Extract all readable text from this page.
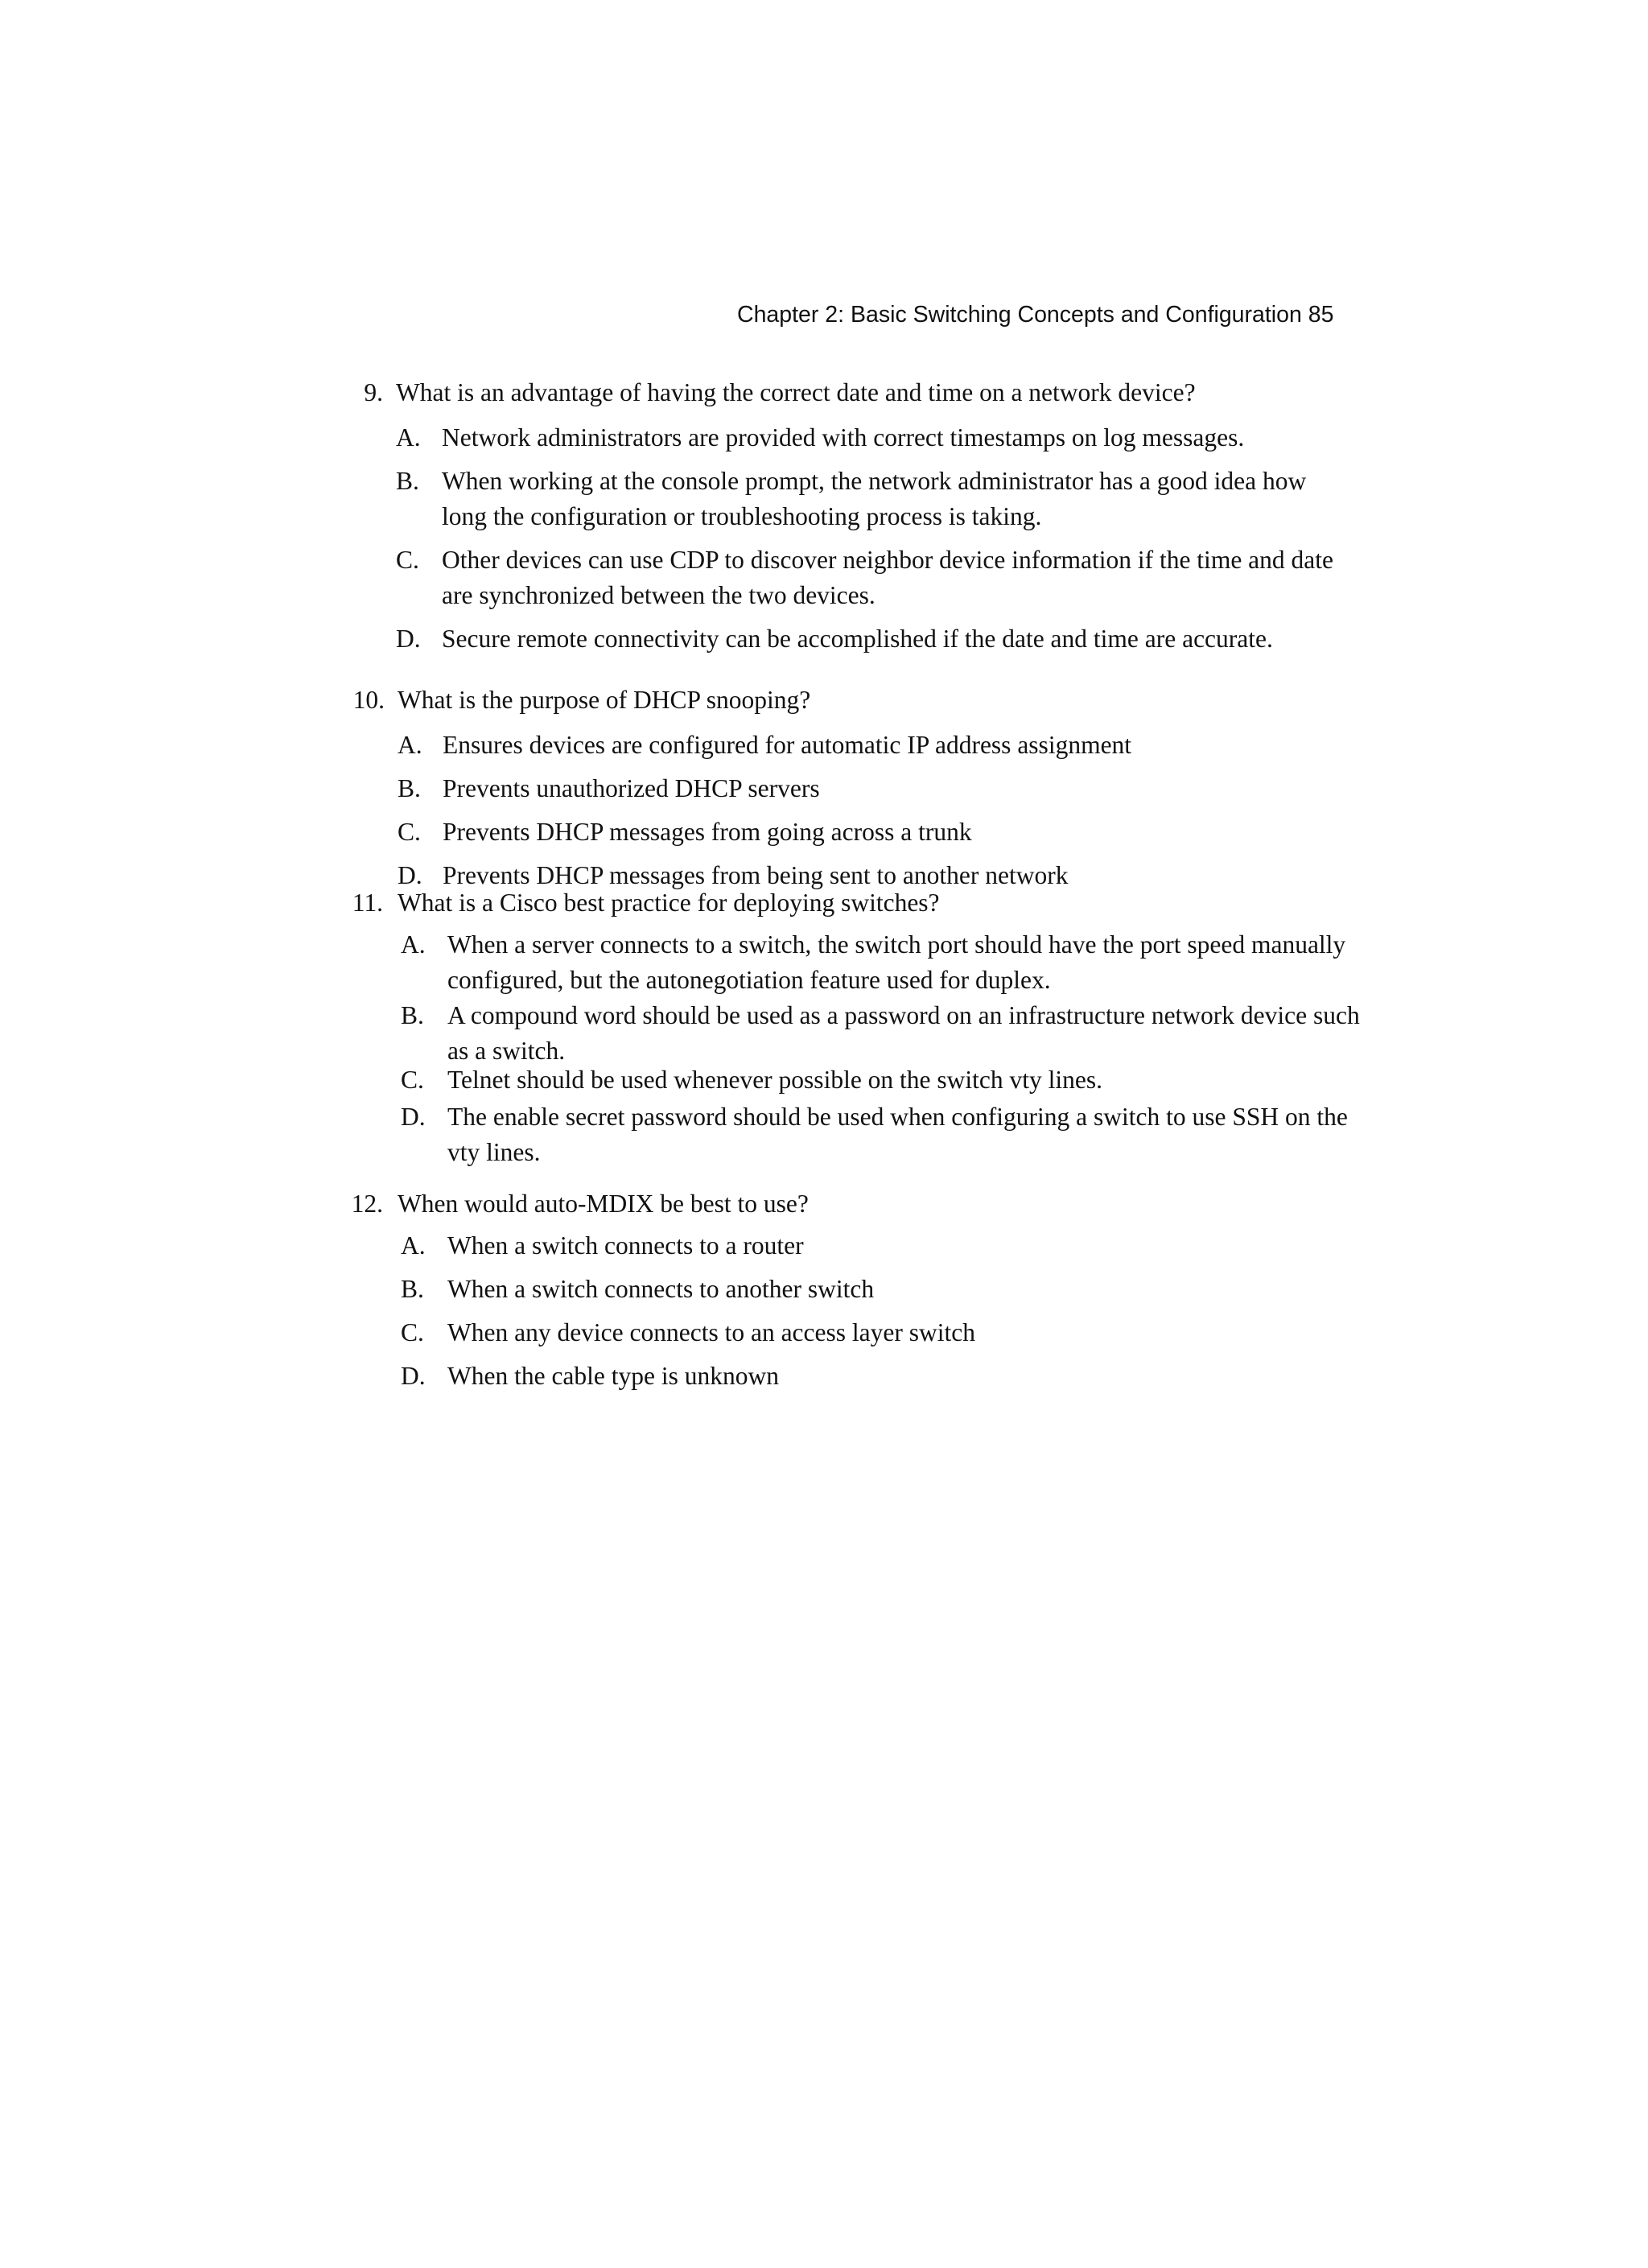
Chapter 2: Basic Switching Concepts and Configuration 85
9. What is an advantage of having the correct date and time on a network device?
A. Network administrators are provided with correct timestamps on log messages.
B. When working at the console prompt, the network administrator has a good idea how
long the configuration or troubleshooting process is taking.
C. Other devices can use CDP to discover neighbor device information if the time and date
are synchronized between the two devices.
D. Secure remote connectivity can be accomplished if the date and time are accurate.
10. What is the purpose of DHCP snooping?
A. Ensures devices are configured for automatic IP address assignment
B. Prevents unauthorized DHCP servers
C. Prevents DHCP messages from going across a trunk
D. Prevents DHCP messages from being sent to another network
11. What is a Cisco best practice for deploying switches?
A. When a server connects to a switch, the switch port should have the port speed manually
configured, but the autonegotiation feature used for duplex.
B. A compound word should be used as a password on an infrastructure network device such
as a switch.
C. Telnet should be used whenever possible on the switch vty lines.
D. The enable secret password should be used when configuring a switch to use SSH on the
vty lines.
12. When would auto-MDIX be best to use?
A. When a switch connects to a router
B. When a switch connects to another switch
C. When any device connects to an access layer switch
D. When the cable type is unknown
